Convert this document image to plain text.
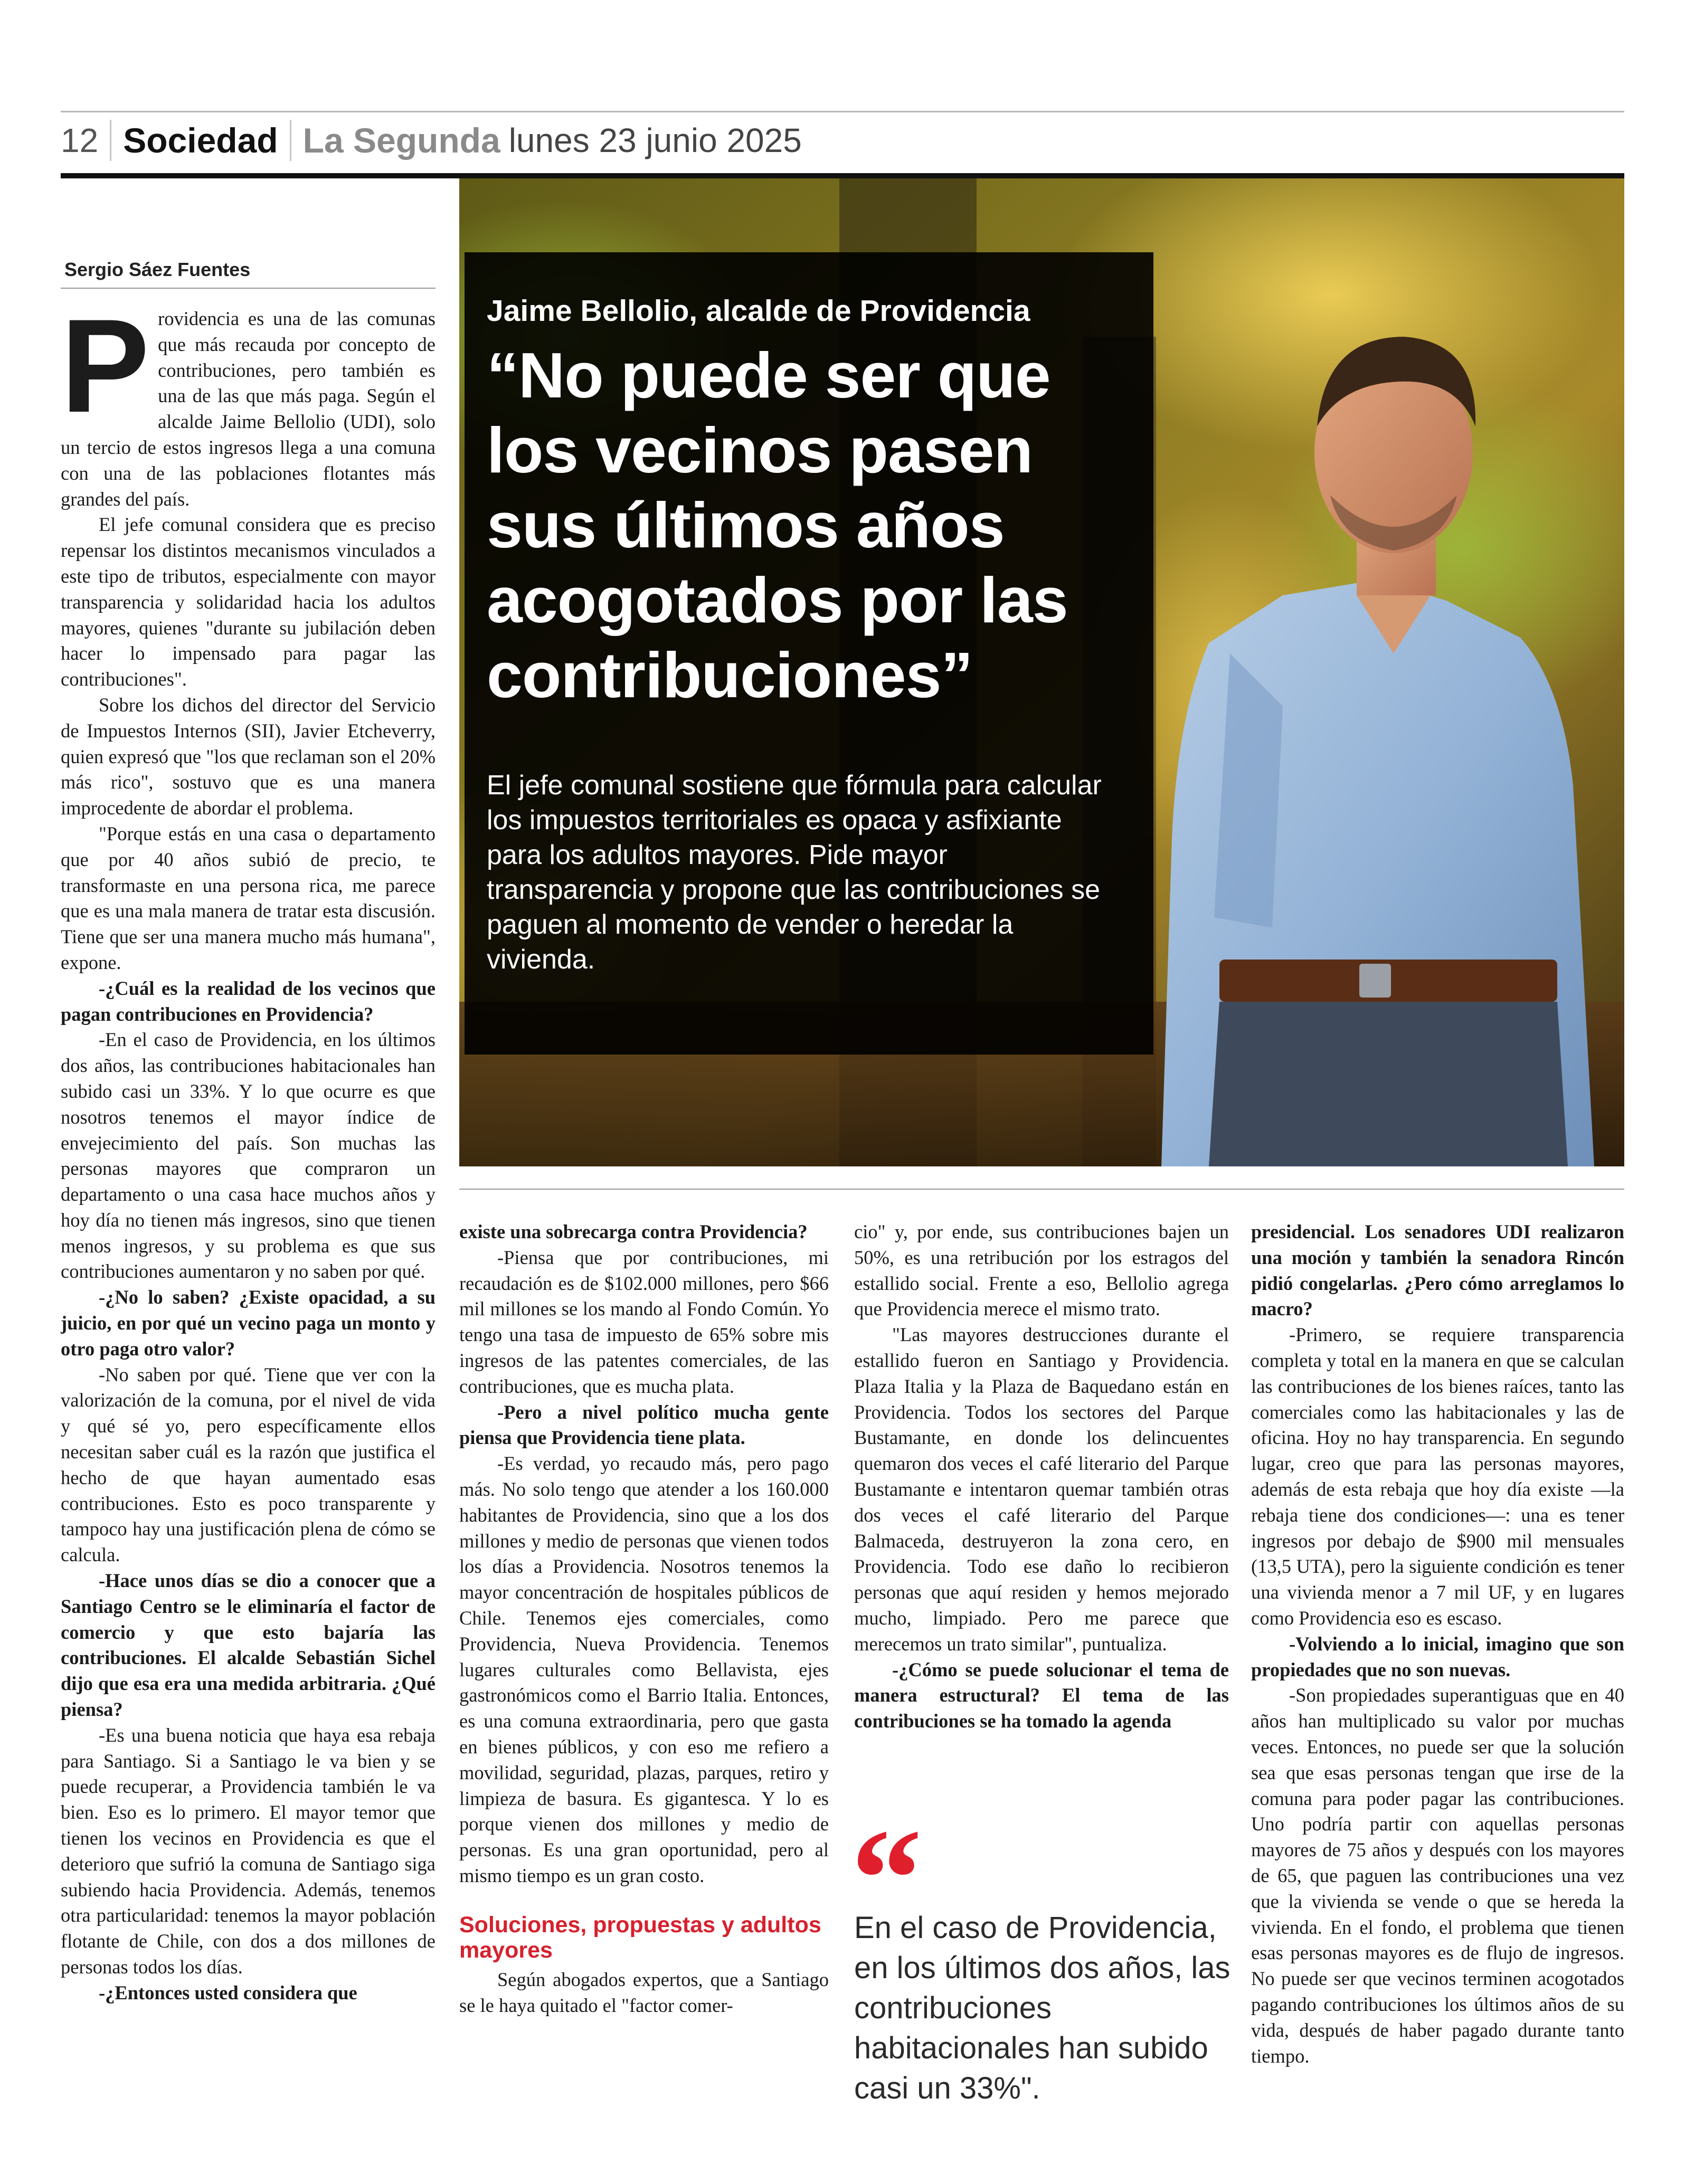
12 Sociedad La Segunda lunes 23 junio 2025
Sergio Sáez Fuentes
Jaime Bellolio, alcalde de Providencia
“No puede ser que los vecinos pasen sus últimos años acogotados por las contribuciones”
El jefe comunal sostiene que fórmula para calcular los impuestos territoriales es opaca y asfixiante para los adultos mayores. Pide mayor transparencia y propone que las contribuciones se paguen al momento de vender o heredar la vivienda.

Providencia es una de las comunas que más recauda por concepto de contribuciones, pero también es una de las que más paga. Según el alcalde Jaime Bellolio (UDI), solo un tercio de estos ingresos llega a una comuna con una de las poblaciones flotantes más grandes del país.

El jefe comunal considera que es preciso repensar los distintos mecanismos vinculados a este tipo de tributos, especialmente con mayor transparencia y solidaridad hacia los adultos mayores, quienes "durante su jubilación deben hacer lo impensado para pagar las contribuciones".

Sobre los dichos del director del Servicio de Impuestos Internos (SII), Javier Etcheverry, quien expresó que "los que reclaman son el 20% más rico", sostuvo que es una manera improcedente de abordar el problema.

"Porque estás en una casa o departamento que por 40 años subió de precio, te transformaste en una persona rica, me parece que es una mala manera de tratar esta discusión. Tiene que ser una manera mucho más humana", expone.

-¿Cuál es la realidad de los vecinos que pagan contribuciones en Providencia?

-En el caso de Providencia, en los últimos dos años, las contribuciones habitacionales han subido casi un 33%. Y lo que ocurre es que nosotros tenemos el mayor índice de envejecimiento del país. Son muchas las personas mayores que compraron un departamento o una casa hace muchos años y hoy día no tienen más ingresos, sino que tienen menos ingresos, y su problema es que sus contribuciones aumentaron y no saben por qué.

-¿No lo saben? ¿Existe opacidad, a su juicio, en por qué un vecino paga un monto y otro paga otro valor?

-No saben por qué. Tiene que ver con la valorización de la comuna, por el nivel de vida y qué sé yo, pero específicamente ellos necesitan saber cuál es la razón que justifica el hecho de que hayan aumentado esas contribuciones. Esto es poco transparente y tampoco hay una justificación plena de cómo se calcula.

-Hace unos días se dio a conocer que a Santiago Centro se le eliminaría el factor de comercio y que esto bajaría las contribuciones. El alcalde Sebastián Sichel dijo que esa era una medida arbitraria. ¿Qué piensa?

-Es una buena noticia que haya esa rebaja para Santiago. Si a Santiago le va bien y se puede recuperar, a Providencia también le va bien. Eso es lo primero. El mayor temor que tienen los vecinos en Providencia es que el deterioro que sufrió la comuna de Santiago siga subiendo hacia Providencia. Además, tenemos otra particularidad: tenemos la mayor población flotante de Chile, con dos a dos millones de personas todos los días.

-¿Entonces usted considera que

existe una sobrecarga contra Providencia?

-Piensa que por contribuciones, mi recaudación es de $102.000 millones, pero $66 mil millones se los mando al Fondo Común. Yo tengo una tasa de impuesto de 65% sobre mis ingresos de las patentes comerciales, de las contribuciones, que es mucha plata.

-Pero a nivel político mucha gente piensa que Providencia tiene plata.

-Es verdad, yo recaudo más, pero pago más. No solo tengo que atender a los 160.000 habitantes de Providencia, sino que a los dos millones y medio de personas que vienen todos los días a Providencia. Nosotros tenemos la mayor concentración de hospitales públicos de Chile. Tenemos ejes comerciales, como Providencia, Nueva Providencia. Tenemos lugares culturales como Bellavista, ejes gastronómicos como el Barrio Italia. Entonces, es una comuna extraordinaria, pero que gasta en bienes públicos, y con eso me refiero a movilidad, seguridad, plazas, parques, retiro y limpieza de basura. Es gigantesca. Y lo es porque vienen dos millones y medio de personas. Es una gran oportunidad, pero al mismo tiempo es un gran costo.

Soluciones, propuestas y adultos mayores

Según abogados expertos, que a Santiago se le haya quitado el "factor comer-

cio" y, por ende, sus contribuciones bajen un 50%, es una retribución por los estragos del estallido social. Frente a eso, Bellolio agrega que Providencia merece el mismo trato.

"Las mayores destrucciones durante el estallido fueron en Santiago y Providencia. Plaza Italia y la Plaza de Baquedano están en Providencia. Todos los sectores del Parque Bustamante, en donde los delincuentes quemaron dos veces el café literario del Parque Bustamante e intentaron quemar también otras dos veces el café literario del Parque Balmaceda, destruyeron la zona cero, en Providencia. Todo ese daño lo recibieron personas que aquí residen y hemos mejorado mucho, limpiado. Pero me parece que merecemos un trato similar", puntualiza.

-¿Cómo se puede solucionar el tema de manera estructural? El tema de las contribuciones se ha tomado la agenda

“
En el caso de Providencia, en los últimos dos años, las contribuciones habitacionales han subido casi un 33%".

presidencial. Los senadores UDI realizaron una moción y también la senadora Rincón pidió congelarlas. ¿Pero cómo arreglamos lo macro?

-Primero, se requiere transparencia completa y total en la manera en que se calculan las contribuciones de los bienes raíces, tanto las comerciales como las habitacionales y las de oficina. Hoy no hay transparencia. En segundo lugar, creo que para las personas mayores, además de esta rebaja que hoy día existe —la rebaja tiene dos condiciones—: una es tener ingresos por debajo de $900 mil mensuales (13,5 UTA), pero la siguiente condición es tener una vivienda menor a 7 mil UF, y en lugares como Providencia eso es escaso.

-Volviendo a lo inicial, imagino que son propiedades que no son nuevas.

-Son propiedades superantiguas que en 40 años han multiplicado su valor por muchas veces. Entonces, no puede ser que la solución sea que esas personas tengan que irse de la comuna para poder pagar las contribuciones. Uno podría partir con aquellas personas mayores de 75 años y después con los mayores de 65, que paguen las contribuciones una vez que la vivienda se vende o que se hereda la vivienda. En el fondo, el problema que tienen esas personas mayores es de flujo de ingresos. No puede ser que vecinos terminen acogotados pagando contribuciones los últimos años de su vida, después de haber pagado durante tanto tiempo.
